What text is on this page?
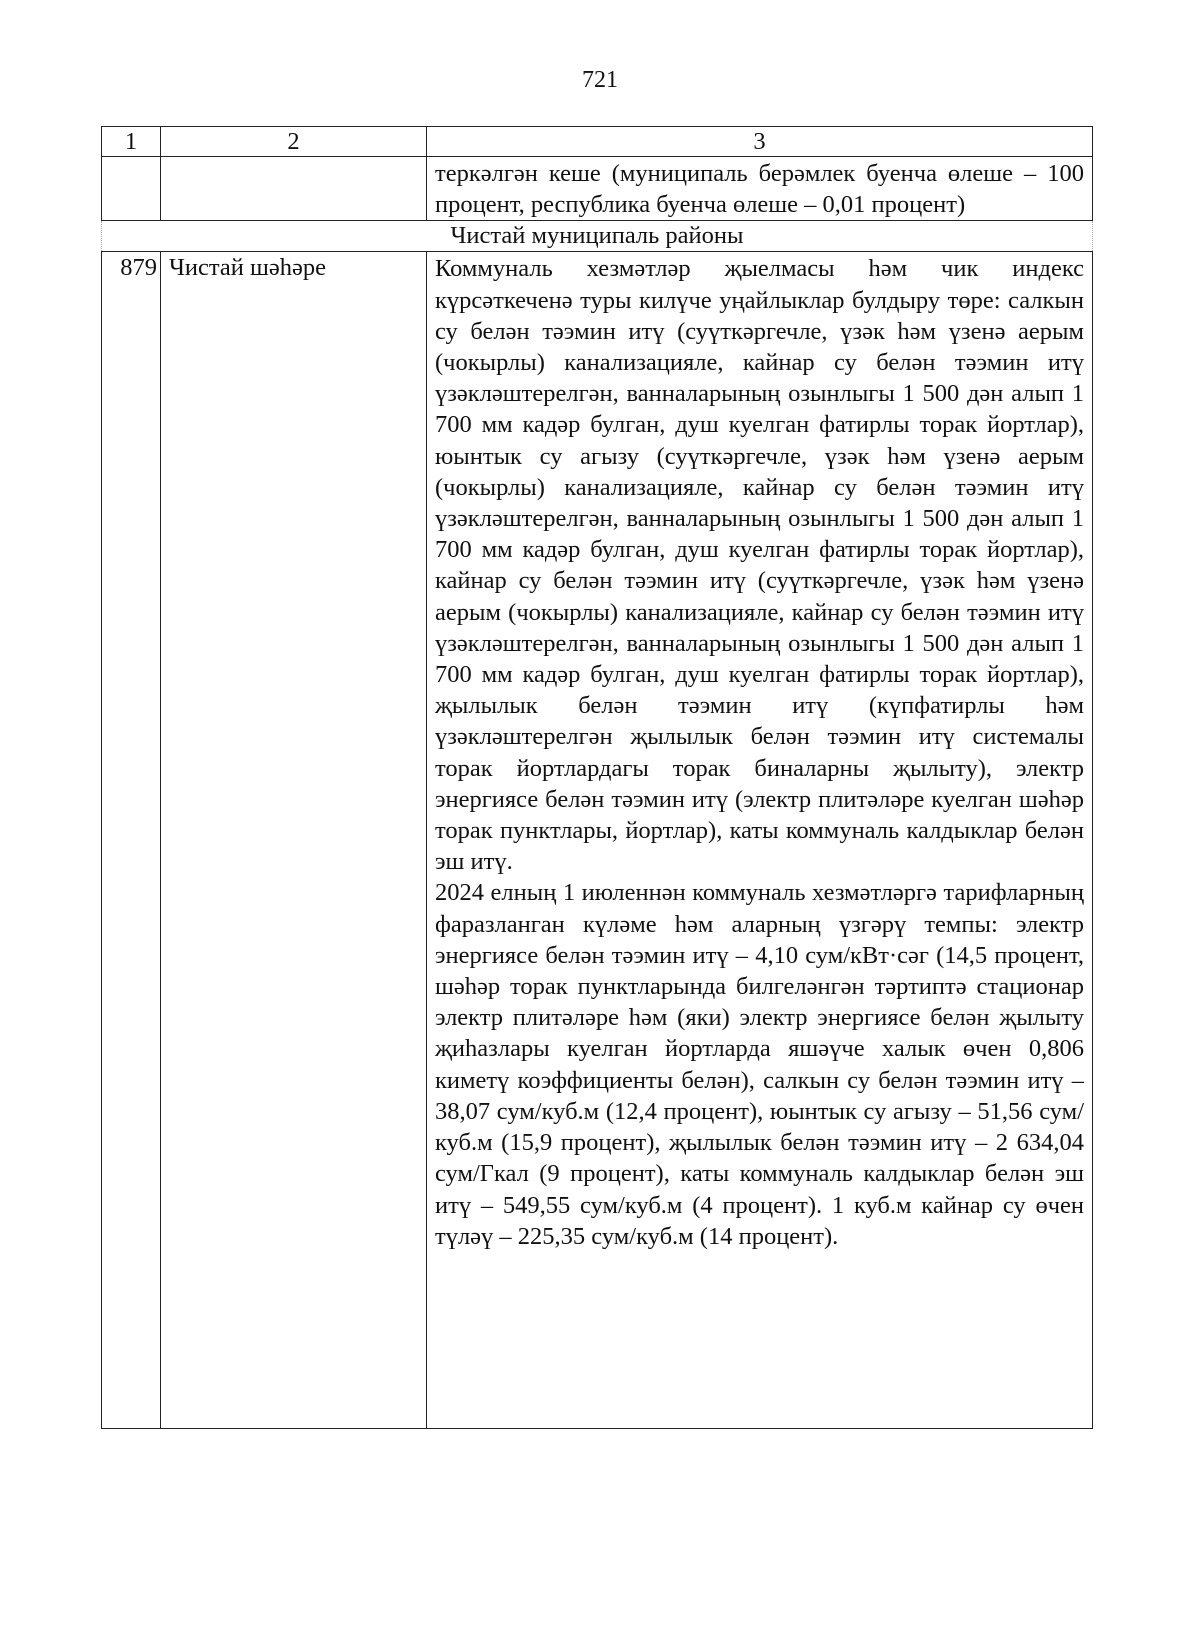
721
1	2	3

		теркәлгән кеше (муниципаль берәмлек буенча өлеше – 100 процент, республика буенча өлеше – 0,01 процент)

Чистай муниципаль районы		
879	Чистай шәһәре	Коммуналь хезмәтләр җыелмасы һәм чик индекс күрсәткеченә туры килүче уңайлыклар булдыру төре: салкын су белән тәэмин итү (суүткәргечле, үзәк һәм үзенә аерым (чокырлы) канализацияле, кайнар су белән тәэмин итү үзәкләштерелгән, ванналарының озынлыгы 1 500 дән алып 1 700 мм кадәр булган, душ куелган фатирлы торак йортлар), юынтык су агызу (суүткәргечле, үзәк һәм үзенә аерым (чокырлы) канализацияле, кайнар су белән тәэмин итү үзәкләштерелгән, ванналарының озынлыгы 1 500 дән алып 1 700 мм кадәр булган, душ куелган фатирлы торак йортлар), кайнар су белән тәэмин итү (суүткәргечле, үзәк һәм үзенә аерым (чокырлы) канализацияле, кайнар су белән тәэмин итү үзәкләштерелгән, ванналарының озынлыгы 1 500 дән алып 1 700 мм кадәр булган, душ куелган фатирлы торак йортлар), җылылык белән тәэмин итү (күпфатирлы һәм үзәкләштерелгән җылылык белән тәэмин итү системалы торак йортлардагы торак биналарны җылыту), электр энергиясе белән тәэмин итү (электр плитәләре куелган шәһәр торак пунктлары, йортлар), каты коммуналь калдыклар белән эш итү.

2024 елның 1 июленнән коммуналь хезмәтләргә тарифларның фаразланган күләме һәм аларның үзгәрү темпы: электр энергиясе белән тәэмин итү – 4,10 сум/кВт·сәг (14,5 процент, шәһәр торак пунктларында билгеләнгән тәртиптә стационар электр плитәләре һәм (яки) электр энергиясе белән җылыту җиһазлары куелган йортларда яшәүче халык өчен 0,806 киметү коэффициенты белән), салкын су белән тәэмин итү – 38,07 сум/куб.м (12,4 процент), юынтык су агызу – 51,56 сум/куб.м (15,9 процент), җылылык белән тәэмин итү – 2 634,04 сум/Гкал (9 процент), каты коммуналь калдыклар белән эш итү – 549,55 сум/куб.м (4 процент). 1 куб.м кайнар су өчен түләү – 225,35 сум/куб.м (14 процент).
